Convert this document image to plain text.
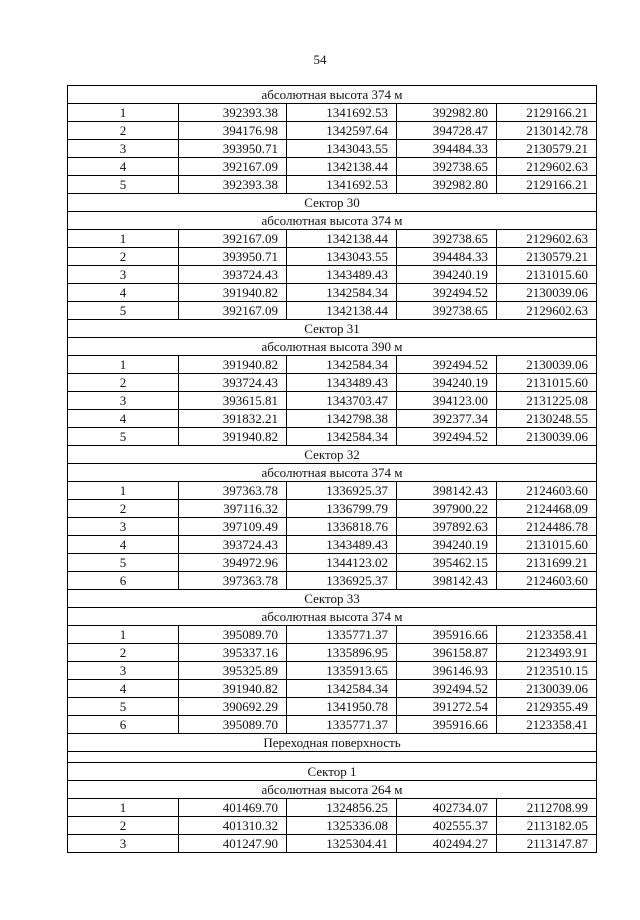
54
абсолютная высота 374 м				
1	392393.38	1341692.53	392982.80	2129166.21
2	394176.98	1342597.64	394728.47	2130142.78
3	393950.71	1343043.55	394484.33	2130579.21
4	392167.09	1342138.44	392738.65	2129602.63
5	392393.38	1341692.53	392982.80	2129166.21
Сектор 30				
абсолютная высота 374 м				
1	392167.09	1342138.44	392738.65	2129602.63
2	393950.71	1343043.55	394484.33	2130579.21
3	393724.43	1343489.43	394240.19	2131015.60
4	391940.82	1342584.34	392494.52	2130039.06
5	392167.09	1342138.44	392738.65	2129602.63
Сектор 31				
абсолютная высота 390 м				
1	391940.82	1342584.34	392494.52	2130039.06
2	393724.43	1343489.43	394240.19	2131015.60
3	393615.81	1343703.47	394123.00	2131225.08
4	391832.21	1342798.38	392377.34	2130248.55
5	391940.82	1342584.34	392494.52	2130039.06
Сектор 32				
абсолютная высота 374 м				
1	397363.78	1336925.37	398142.43	2124603.60
2	397116.32	1336799.79	397900.22	2124468.09
3	397109.49	1336818.76	397892.63	2124486.78
4	393724.43	1343489.43	394240.19	2131015.60
5	394972.96	1344123.02	395462.15	2131699.21
6	397363.78	1336925.37	398142.43	2124603.60
Сектор 33				
абсолютная высота 374 м				
1	395089.70	1335771.37	395916.66	2123358.41
2	395337.16	1335896.95	396158.87	2123493.91
3	395325.89	1335913.65	396146.93	2123510.15
4	391940.82	1342584.34	392494.52	2130039.06
5	390692.29	1341950.78	391272.54	2129355.49
6	395089.70	1335771.37	395916.66	2123358.41
Переходная поверхность				

Сектор 1				
абсолютная высота 264 м				
1	401469.70	1324856.25	402734.07	2112708.99
2	401310.32	1325336.08	402555.37	2113182.05
3	401247.90	1325304.41	402494.27	2113147.87
